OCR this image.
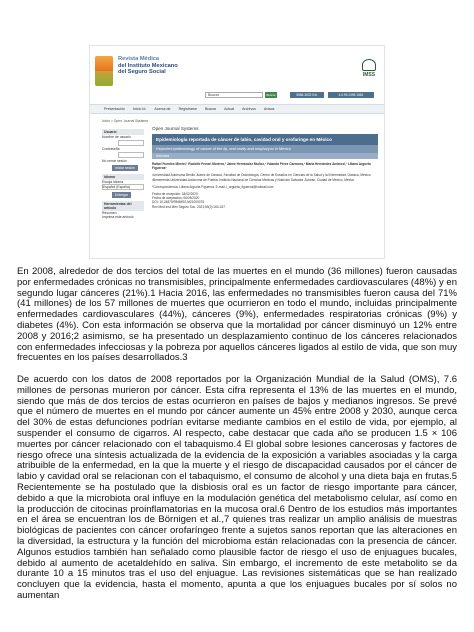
Revista Médica
del Instituto Mexicano
del Seguro Social	IMSS
Buscar	Buscar	5586-3632 Ext.	4.5.99.2498 1881
Presentación Inicio Id. Acerca de Registrarse Buscar Actual Archivos Avisos
Inicio > Open Journal Systems
Usuario
Nombre de usuario
Contraseña
No cerrar sesión
Iniciar sesión
Idioma
Escoja idioma
Español (España)
Entregar
Herramientas del artículo
Resumen
Imprima este artículo
Open Journal Systems
Epidemiología reportada de cáncer de labio, cavidad oral y orofaringe en México
Reported epidemiology of cancer of the lip, oral cavity and oropharynx in Mexico
Artículos
Rafael Fuentes Mimiel,¹ Rodolfo Ferrari Mortera,² Jaime Hernández Muñoz,¹ Yolanda Pérez Carmona,¹ Maria Hernández Ambrosi,¹ Liliana Argueta Figueroa¹
¹Universidad Autónoma Benito Juárez de Oaxaca, Facultad de Odontología, Centro de Estudios en Ciencias de la Salud y la Enfermedad, Oaxaca, México. ²Benemérita Universidad Autónoma de Puebla, Instituto Nacional de Ciencias Médicas y Nutrición Salvador Zubirán, Ciudad de México, México
*Correspondencia: Liliana Argueta Figueroa. E-mail: l_argueta_figueroa@hotmail.com
Fecha de recepción: 18/02/2020
Fecha de aceptación: 06/05/2020
DOI: 10.24875/RMIMSS.M21000075
Rev Med Inst Mex Seguro Soc. 2021;59(2):160-167

En 2008, alrededor de dos tercios del total de las muertes en el mundo (36 millones) fueron causadas por enfermedades crónicas no transmisibles, principalmente enfermedades cardiovasculares (48%) y en segundo lugar cánceres (21%).1 Hacia 2016, las enfermedades no transmisibles fueron causa del 71% (41 millones) de los 57 millones de muertes que ocurrieron en todo el mundo, incluidas principalmente enfermedades cardiovasculares (44%), cánceres (9%), enfermedades respiratorias crónicas (9%) y diabetes (4%). Con esta información se observa que la mortalidad por cáncer disminuyó un 12% entre 2008 y 2016;2 asimismo, se ha presentado un desplazamiento continuo de los cánceres relacionados con enfermedades infecciosas y la pobreza por aquellos cánceres ligados al estilo de vida, que son muy frecuentes en los países desarrollados.3

De acuerdo con los datos de 2008 reportados por la Organización Mundial de la Salud (OMS), 7.6 millones de personas murieron por cáncer. Esta cifra representa el 13% de las muertes en el mundo, siendo que más de dos tercios de estas ocurrieron en países de bajos y medianos ingresos. Se prevé que el número de muertes en el mundo por cáncer aumente un 45% entre 2008 y 2030, aunque cerca del 30% de estas defunciones podrían evitarse mediante cambios en el estilo de vida, por ejemplo, al suspender el consumo de cigarros. Al respecto, cabe destacar que cada año se producen 1.5 × 106 muertes por cáncer relacionado con el tabaquismo.4 El global sobre lesiones cancerosas y factores de riesgo ofrece una síntesis actualizada de la evidencia de la exposición a variables asociadas y la carga atribuible de la enfermedad, en la que la muerte y el riesgo de discapacidad causados por el cáncer de labio y cavidad oral se relacionan con el tabaquismo, el consumo de alcohol y una dieta baja en frutas.5 Recientemente se ha postulado que la disbiosis oral es un factor de riesgo importante para cáncer, debido a que la microbiota oral influye en la modulación genética del metabolismo celular, así como en la producción de citocinas proinflamatorias en la mucosa oral.6 Dentro de los estudios más importantes en el área se encuentran los de Börnigen et al.,7 quienes tras realizar un amplio análisis de muestras biológicas de pacientes con cáncer orofaríngeo frente a sujetos sanos reportan que las alteraciones en la diversidad, la estructura y la función del microbioma están relacionadas con la presencia de cáncer. Algunos estudios también han señalado como plausible factor de riesgo el uso de enjuagues bucales, debido al aumento de acetaldehído en saliva. Sin embargo, el incremento de este metabolito se da durante 10 a 15 minutos tras el uso del enjuague. Las revisiones sistemáticas que se han realizado concluyen que la evidencia, hasta el momento, apunta a que los enjuagues bucales por sí solos no aumentan
